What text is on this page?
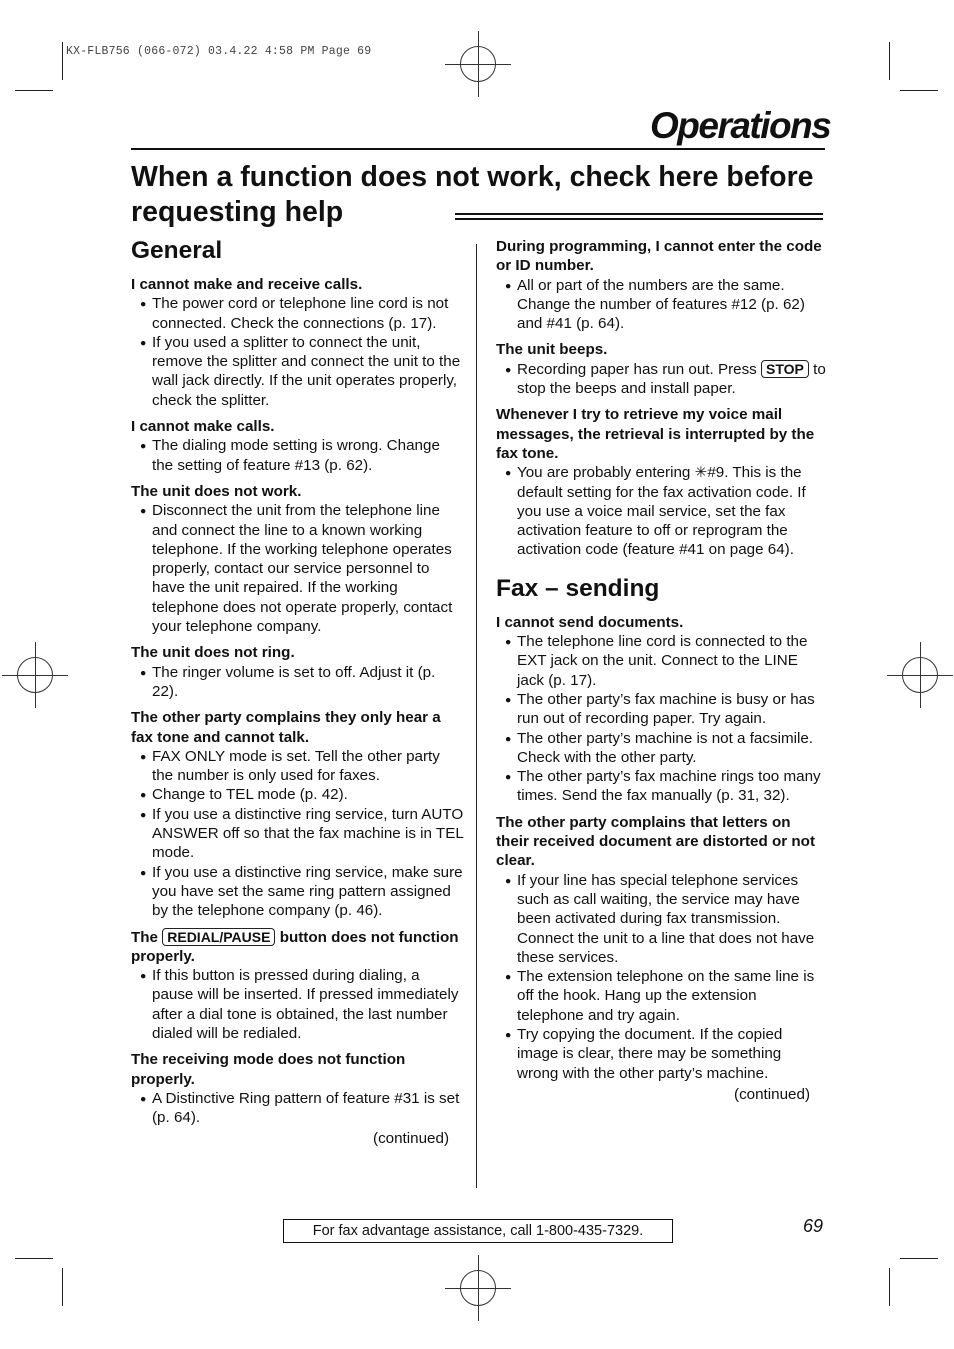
KX-FLB756 (066-072) 03.4.22 4:58 PM Page 69
Operations
When a function does not work, check here before requesting help
General
I cannot make and receive calls.
● The power cord or telephone line cord is not connected. Check the connections (p. 17).
● If you used a splitter to connect the unit, remove the splitter and connect the unit to the wall jack directly. If the unit operates properly, check the splitter.
I cannot make calls.
● The dialing mode setting is wrong. Change the setting of feature #13 (p. 62).
The unit does not work.
● Disconnect the unit from the telephone line and connect the line to a known working telephone. If the working telephone operates properly, contact our service personnel to have the unit repaired. If the working telephone does not operate properly, contact your telephone company.
The unit does not ring.
● The ringer volume is set to off. Adjust it (p. 22).
The other party complains they only hear a fax tone and cannot talk.
● FAX ONLY mode is set. Tell the other party the number is only used for faxes.
● Change to TEL mode (p. 42).
● If you use a distinctive ring service, turn AUTO ANSWER off so that the fax machine is in TEL mode.
● If you use a distinctive ring service, make sure you have set the same ring pattern assigned by the telephone company (p. 46).
The REDIAL/PAUSE button does not function properly.
● If this button is pressed during dialing, a pause will be inserted. If pressed immediately after a dial tone is obtained, the last number dialed will be redialed.
The receiving mode does not function properly.
● A Distinctive Ring pattern of feature #31 is set (p. 64).
(continued)
During programming, I cannot enter the code or ID number.
● All or part of the numbers are the same. Change the number of features #12 (p. 62) and #41 (p. 64).
The unit beeps.
● Recording paper has run out. Press STOP to stop the beeps and install paper.
Whenever I try to retrieve my voice mail messages, the retrieval is interrupted by the fax tone.
● You are probably entering ✳#9. This is the default setting for the fax activation code. If you use a voice mail service, set the fax activation feature to off or reprogram the activation code (feature #41 on page 64).
Fax – sending
I cannot send documents.
● The telephone line cord is connected to the EXT jack on the unit. Connect to the LINE jack (p. 17).
● The other party’s fax machine is busy or has run out of recording paper. Try again.
● The other party’s machine is not a facsimile. Check with the other party.
● The other party’s fax machine rings too many times. Send the fax manually (p. 31, 32).
The other party complains that letters on their received document are distorted or not clear.
● If your line has special telephone services such as call waiting, the service may have been activated during fax transmission. Connect the unit to a line that does not have these services.
● The extension telephone on the same line is off the hook. Hang up the extension telephone and try again.
● Try copying the document. If the copied image is clear, there may be something wrong with the other party’s machine.
(continued)
For fax advantage assistance, call 1-800-435-7329.	69
